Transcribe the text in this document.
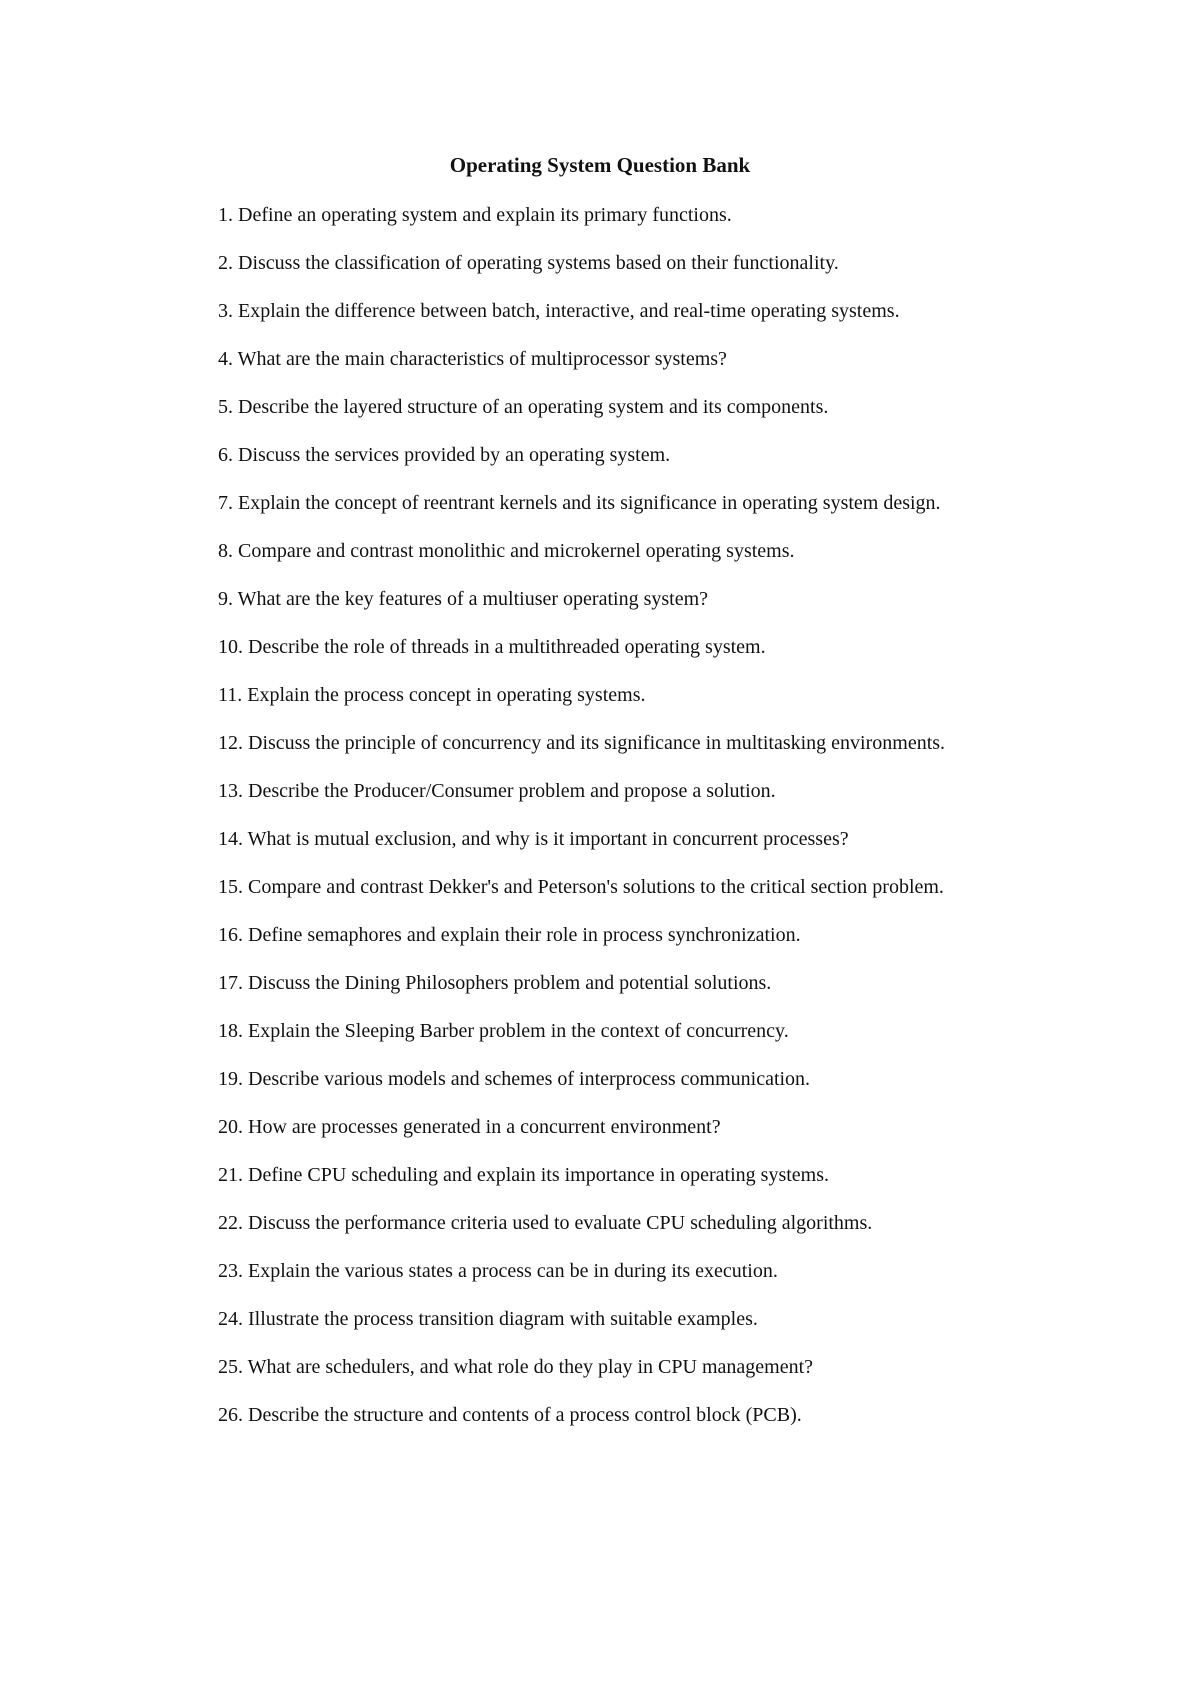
Operating System Question Bank
1. Define an operating system and explain its primary functions.
2. Discuss the classification of operating systems based on their functionality.
3. Explain the difference between batch, interactive, and real-time operating systems.
4. What are the main characteristics of multiprocessor systems?
5. Describe the layered structure of an operating system and its components.
6. Discuss the services provided by an operating system.
7. Explain the concept of reentrant kernels and its significance in operating system design.
8. Compare and contrast monolithic and microkernel operating systems.
9. What are the key features of a multiuser operating system?
10. Describe the role of threads in a multithreaded operating system.
11. Explain the process concept in operating systems.
12. Discuss the principle of concurrency and its significance in multitasking environments.
13. Describe the Producer/Consumer problem and propose a solution.
14. What is mutual exclusion, and why is it important in concurrent processes?
15. Compare and contrast Dekker's and Peterson's solutions to the critical section problem.
16. Define semaphores and explain their role in process synchronization.
17. Discuss the Dining Philosophers problem and potential solutions.
18. Explain the Sleeping Barber problem in the context of concurrency.
19. Describe various models and schemes of interprocess communication.
20. How are processes generated in a concurrent environment?
21. Define CPU scheduling and explain its importance in operating systems.
22. Discuss the performance criteria used to evaluate CPU scheduling algorithms.
23. Explain the various states a process can be in during its execution.
24. Illustrate the process transition diagram with suitable examples.
25. What are schedulers, and what role do they play in CPU management?
26. Describe the structure and contents of a process control block (PCB).
